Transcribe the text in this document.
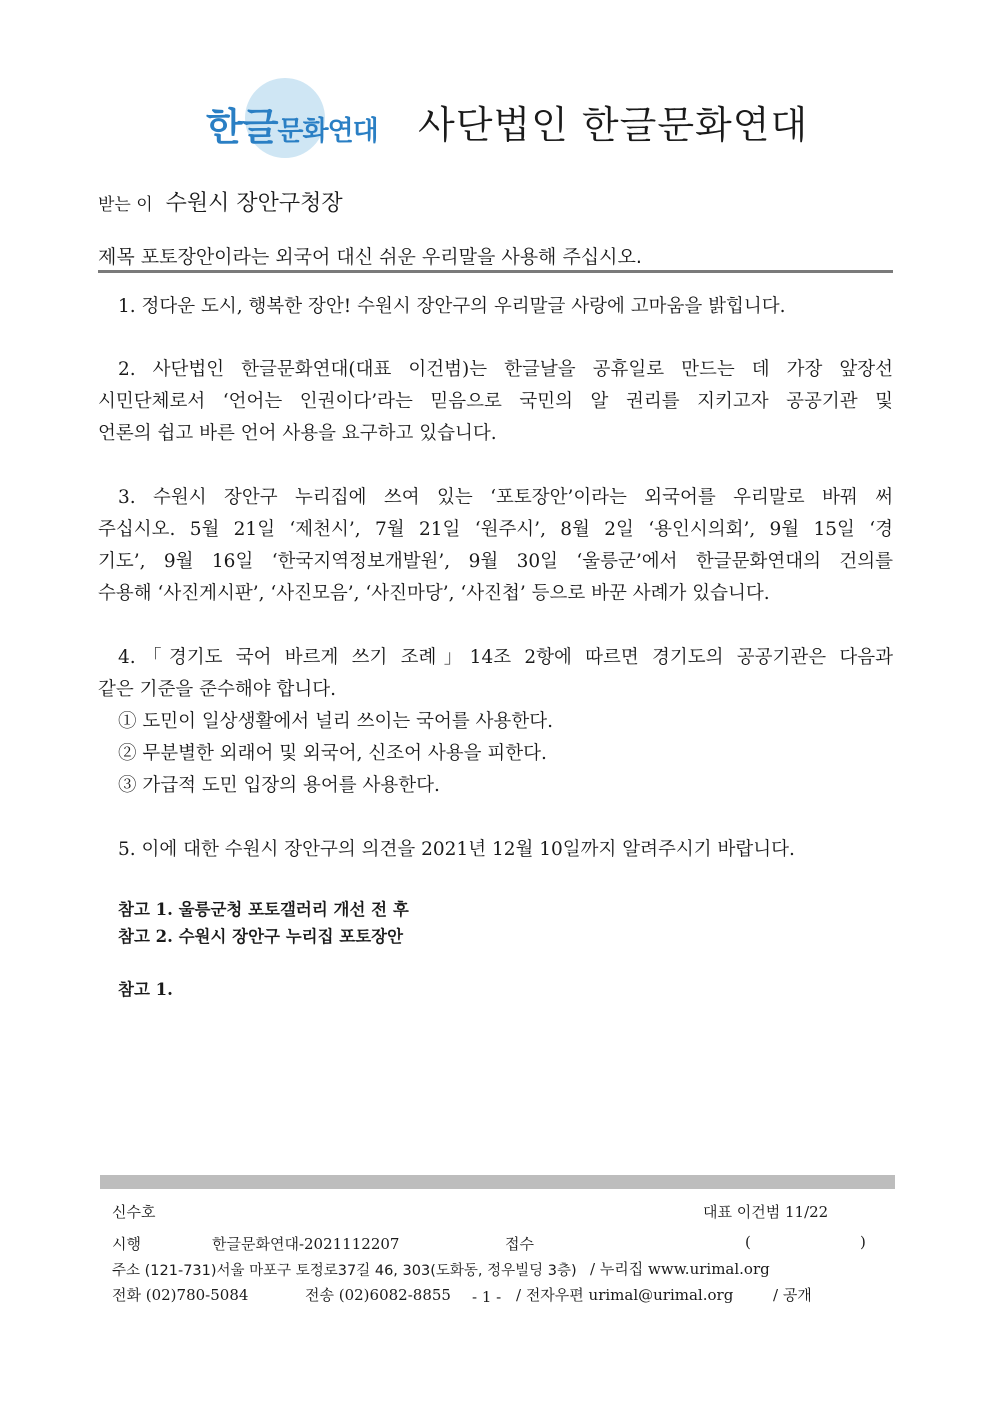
한글문화연대 사단법인 한글문화연대
받는 이 수원시 장안구청장
제목 포토장안이라는 외국어 대신 쉬운 우리말을 사용해 주십시오.
1. 정다운 도시, 행복한 장안! 수원시 장안구의 우리말글 사랑에 고마움을 밝힙니다.
2. 사단법인 한글문화연대(대표 이건범)는 한글날을 공휴일로 만드는 데 가장 앞장선
시민단체로서 ‘언어는 인권이다’라는 믿음으로 국민의 알 권리를 지키고자 공공기관 및
언론의 쉽고 바른 언어 사용을 요구하고 있습니다.
3. 수원시 장안구 누리집에 쓰여 있는 ‘포토장안’이라는 외국어를 우리말로 바꿔 써
주십시오. 5월 21일 ‘제천시’, 7월 21일 ‘원주시’, 8월 2일 ‘용인시의회’, 9월 15일 ‘경
기도’, 9월 16일 ‘한국지역정보개발원’, 9월 30일 ‘울릉군’에서 한글문화연대의 건의를
수용해 ‘사진게시판’, ‘사진모음’, ‘사진마당’, ‘사진첩’ 등으로 바꾼 사례가 있습니다.
4.「경기도 국어 바르게 쓰기 조례」14조 2항에 따르면 경기도의 공공기관은 다음과
같은 기준을 준수해야 합니다.
① 도민이 일상생활에서 널리 쓰이는 국어를 사용한다.
② 무분별한 외래어 및 외국어, 신조어 사용을 피한다.
③ 가급적 도민 입장의 용어를 사용한다.
5. 이에 대한 수원시 장안구의 의견을 2021년 12월 10일까지 알려주시기 바랍니다.
참고 1. 울릉군청 포토갤러리 개선 전 후
참고 2. 수원시 장안구 누리집 포토장안
참고 1.
신수호	대표 이건범 11/22
시행	한글문화연대-2021112207	접수	(	)
주소 (121-731)서울 마포구 토정로37길 46, 303(도화동, 정우빌딩 3층) / 누리집 www.urimal.org
전화 (02)780-5084	전송 (02)6082-8855 - 1 - / 전자우편 urimal@urimal.org	/ 공개
